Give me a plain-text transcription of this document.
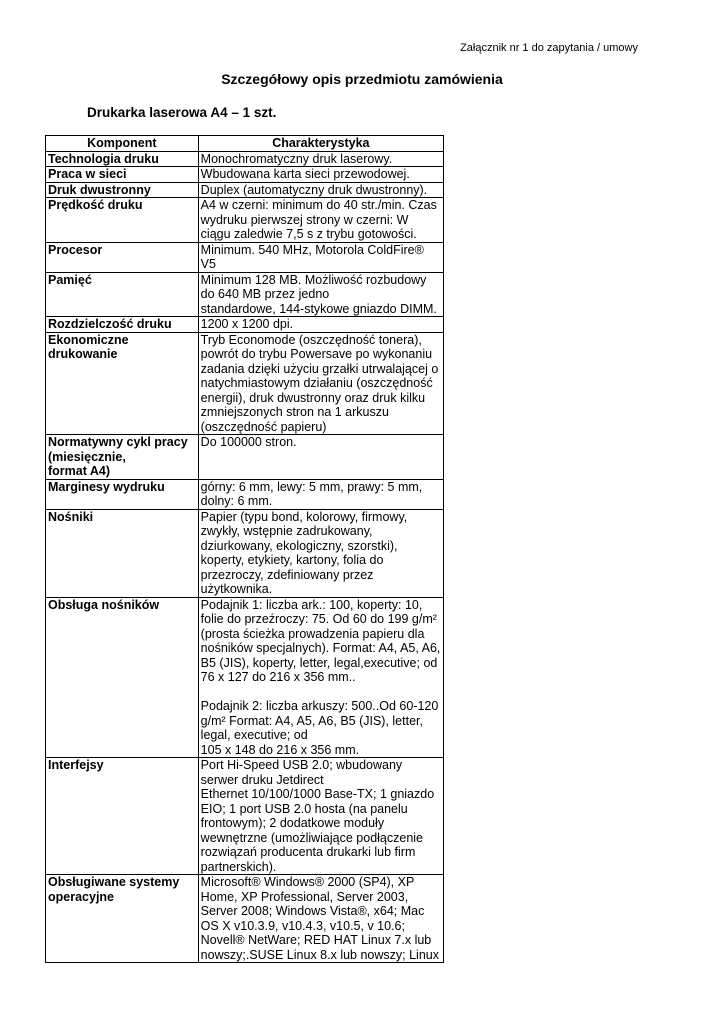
Załącznik nr 1 do zapytania / umowy
Szczegółowy opis przedmiotu zamówienia
Drukarka laserowa A4 – 1 szt.
Komponent	Charakterystyka
Technologia druku	Monochromatyczny druk laserowy.
Praca w sieci	Wbudowana karta sieci przewodowej.

Druk dwustronny	Duplex (automatyczny druk dwustronny).
Prędkość druku	A4 w czerni: minimum do 40 str./min. Czas wydruku pierwszej strony w czerni: W ciągu zaledwie 7,5 s z trybu gotowości.
Procesor	Minimum. 540 MHz, Motorola ColdFire® V5
Pamięć	Minimum 128 MB. Możliwość rozbudowy do 640 MB przez jedno
standardowe, 144-stykowe gniazdo DIMM.
Rozdzielczość druku	1200 x 1200 dpi.
Ekonomiczne drukowanie	Tryb Economode (oszczędność tonera), powrót do trybu Powersave po wykonaniu zadania dzięki użyciu grzałki utrwalającej o natychmiastowym działaniu (oszczędność energii), druk dwustronny oraz druk kilku zmniejszonych stron na 1 arkuszu (oszczędność papieru)
Normatywny cykl pracy (miesięcznie,
format A4)	Do 100000 stron.
Marginesy wydruku	górny: 6 mm, lewy: 5 mm, prawy: 5 mm, dolny: 6 mm.
Nośniki	Papier (typu bond, kolorowy, firmowy, zwykły, wstępnie zadrukowany, dziurkowany, ekologiczny, szorstki), koperty, etykiety, kartony, folia do przezroczy, zdefiniowany przez użytkownika.
Obsługa nośników	Podajnik 1: liczba ark.: 100, koperty: 10, folie do przeźroczy: 75. Od 60 do 199 g/m² (prosta ścieżka prowadzenia papieru dla nośników specjalnych). Format: A4, A5, A6, B5 (JIS), koperty, letter, legal,executive; od 76 x 127 do 216 x 356 mm..

Podajnik 2: liczba arkuszy: 500..Od 60-120 g/m² Format: A4, A5, A6, B5 (JIS), letter, legal, executive; od
105 x 148 do 216 x 356 mm.

Interfejsy	Port Hi-Speed USB 2.0; wbudowany serwer druku Jetdirect
Ethernet 10/100/1000 Base-TX; 1 gniazdo EIO; 1 port USB 2.0 hosta (na panelu frontowym); 2 dodatkowe moduły wewnętrzne (umożliwiające podłączenie rozwiązań producenta drukarki lub firm partnerskich).
Obsługiwane systemy operacyjne	Microsoft® Windows® 2000 (SP4), XP Home, XP Professional, Server 2003, Server 2008; Windows Vista®, x64; Mac OS X v10.3.9, v10.4.3, v10.5, v 10.6; Novell® NetWare; RED HAT Linux 7.x lub nowszy;.SUSE Linux 8.x lub nowszy; Linux
